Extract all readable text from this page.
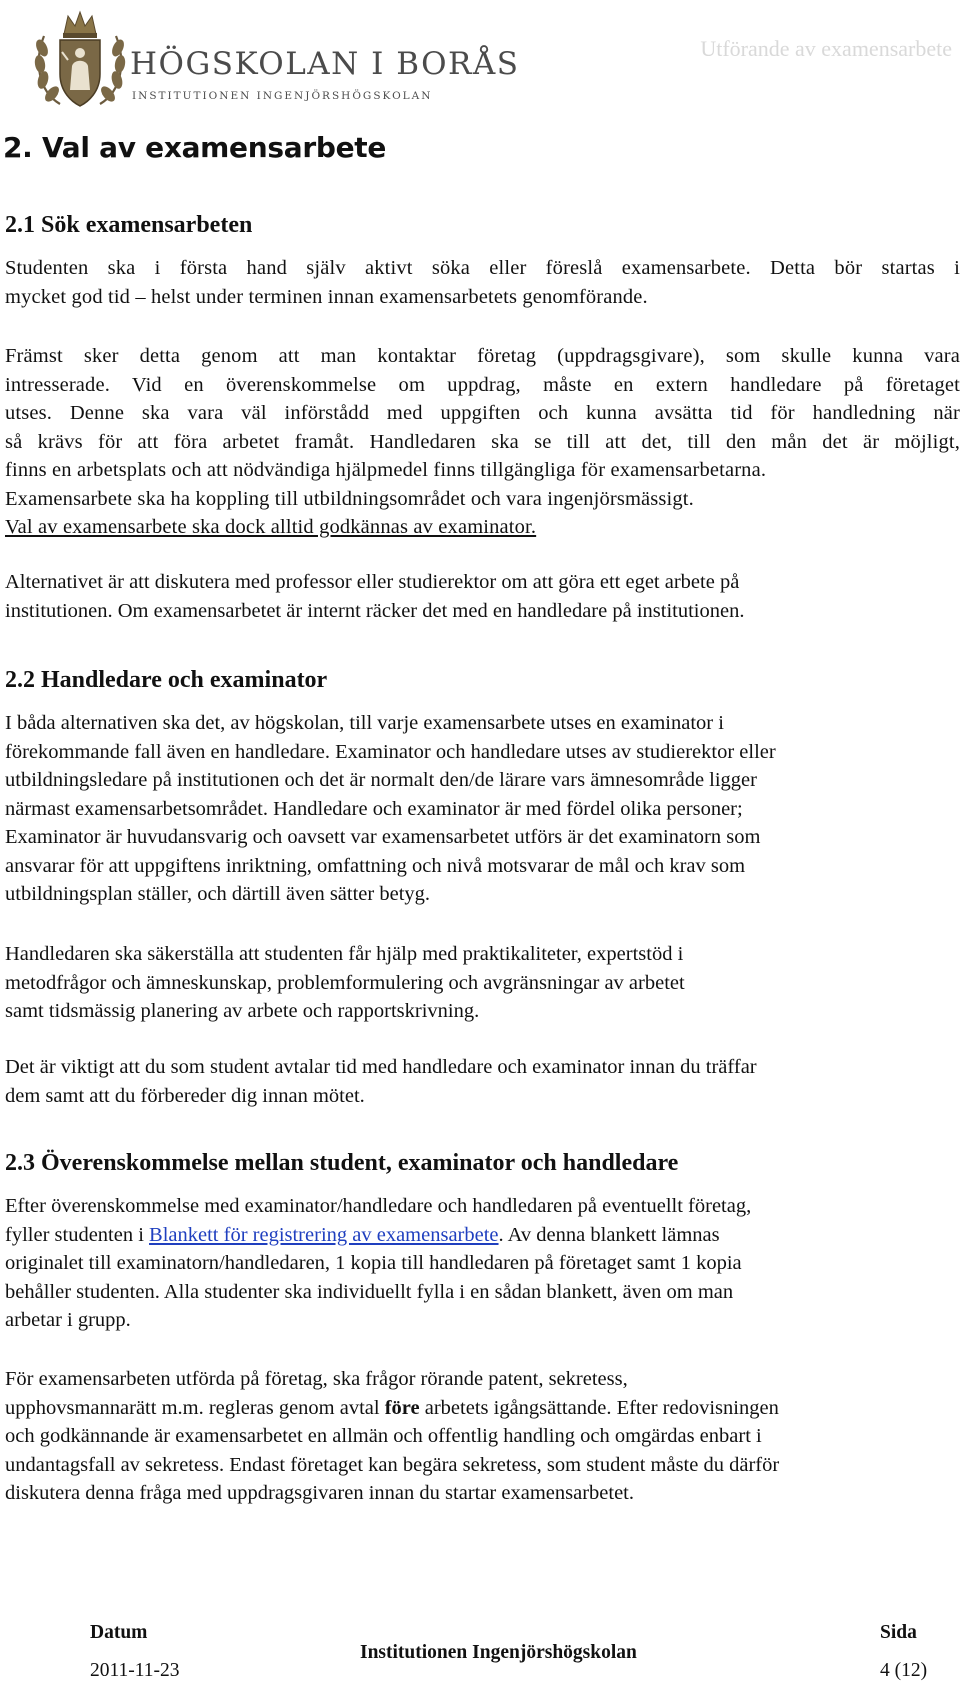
HÖGSKOLAN I BORÅS
INSTITUTIONEN INGENJÖRSHÖGSKOLAN
Utförande av examensarbete
2. Val av examensarbete
2.1 Sök examensarbeten
Studenten ska i första hand själv aktivt söka eller föreslå examensarbete. Detta bör startas i
mycket god tid – helst under terminen innan examensarbetets genomförande.
Främst sker detta genom att man kontaktar företag (uppdragsgivare), som skulle kunna vara
intresserade. Vid en överenskommelse om uppdrag, måste en extern handledare på företaget
utses. Denne ska vara väl införstådd med uppgiften och kunna avsätta tid för handledning när
så krävs för att föra arbetet framåt. Handledaren ska se till att det, till den mån det är möjligt,
finns en arbetsplats och att nödvändiga hjälpmedel finns tillgängliga för examensarbetarna.
Examensarbete ska ha koppling till utbildningsområdet och vara ingenjörsmässigt.
Val av examensarbete ska dock alltid godkännas av examinator.
Alternativet är att diskutera med professor eller studierektor om att göra ett eget arbete på
institutionen. Om examensarbetet är internt räcker det med en handledare på institutionen.
2.2 Handledare och examinator
I båda alternativen ska det, av högskolan, till varje examensarbete utses en examinator i
förekommande fall även en handledare. Examinator och handledare utses av studierektor eller
utbildningsledare på institutionen och det är normalt den/de lärare vars ämnesområde ligger
närmast examensarbetsområdet. Handledare och examinator är med fördel olika personer;
Examinator är huvudansvarig och oavsett var examensarbetet utförs är det examinatorn som
ansvarar för att uppgiftens inriktning, omfattning och nivå motsvarar de mål och krav som
utbildningsplan ställer, och därtill även sätter betyg.
Handledaren ska säkerställa att studenten får hjälp med praktikaliteter, expertstöd i
metodfrågor och ämneskunskap, problemformulering och avgränsningar av arbetet
samt tidsmässig planering av arbete och rapportskrivning.
Det är viktigt att du som student avtalar tid med handledare och examinator innan du träffar
dem samt att du förbereder dig innan mötet.
2.3 Överenskommelse mellan student, examinator och handledare
Efter överenskommelse med examinator/handledare och handledaren på eventuellt företag,
fyller studenten i Blankett för registrering av examensarbete. Av denna blankett lämnas
originalet till examinatorn/handledaren, 1 kopia till handledaren på företaget samt 1 kopia
behåller studenten. Alla studenter ska individuellt fylla i en sådan blankett, även om man
arbetar i grupp.
För examensarbeten utförda på företag, ska frågor rörande patent, sekretess,
upphovsmannarätt m.m. regleras genom avtal före arbetets igångsättande. Efter redovisningen
och godkännande är examensarbetet en allmän och offentlig handling och omgärdas enbart i
undantagsfall av sekretess. Endast företaget kan begära sekretess, som student måste du därför
diskutera denna fråga med uppdragsgivaren innan du startar examensarbetet.
Datum
2011-11-23
Institutionen Ingenjörshögskolan
Sida
4 (12)
